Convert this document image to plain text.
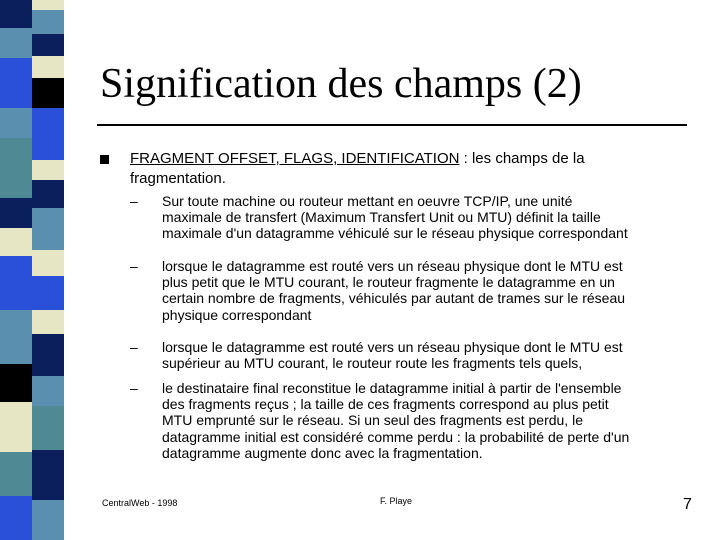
Signification des champs (2)
FRAGMENT OFFSET, FLAGS, IDENTIFICATION : les champs de la
fragmentation.
– Sur toute machine ou routeur mettant en oeuvre TCP/IP, une unité
maximale de transfert (Maximum Transfert Unit ou MTU) définit la taille
maximale d'un datagramme véhiculé sur le réseau physique correspondant
– lorsque le datagramme est routé vers un réseau physique dont le MTU est
plus petit que le MTU courant, le routeur fragmente le datagramme en un
certain nombre de fragments, véhiculés par autant de trames sur le réseau
physique correspondant
– lorsque le datagramme est routé vers un réseau physique dont le MTU est
supérieur au MTU courant, le routeur route les fragments tels quels,
– le destinataire final reconstitue le datagramme initial à partir de l'ensemble
des fragments reçus ; la taille de ces fragments correspond au plus petit
MTU emprunté sur le réseau. Si un seul des fragments est perdu, le
datagramme initial est considéré comme perdu : la probabilité de perte d'un
datagramme augmente donc avec la fragmentation.
CentralWeb - 1998	F. Playe	7
